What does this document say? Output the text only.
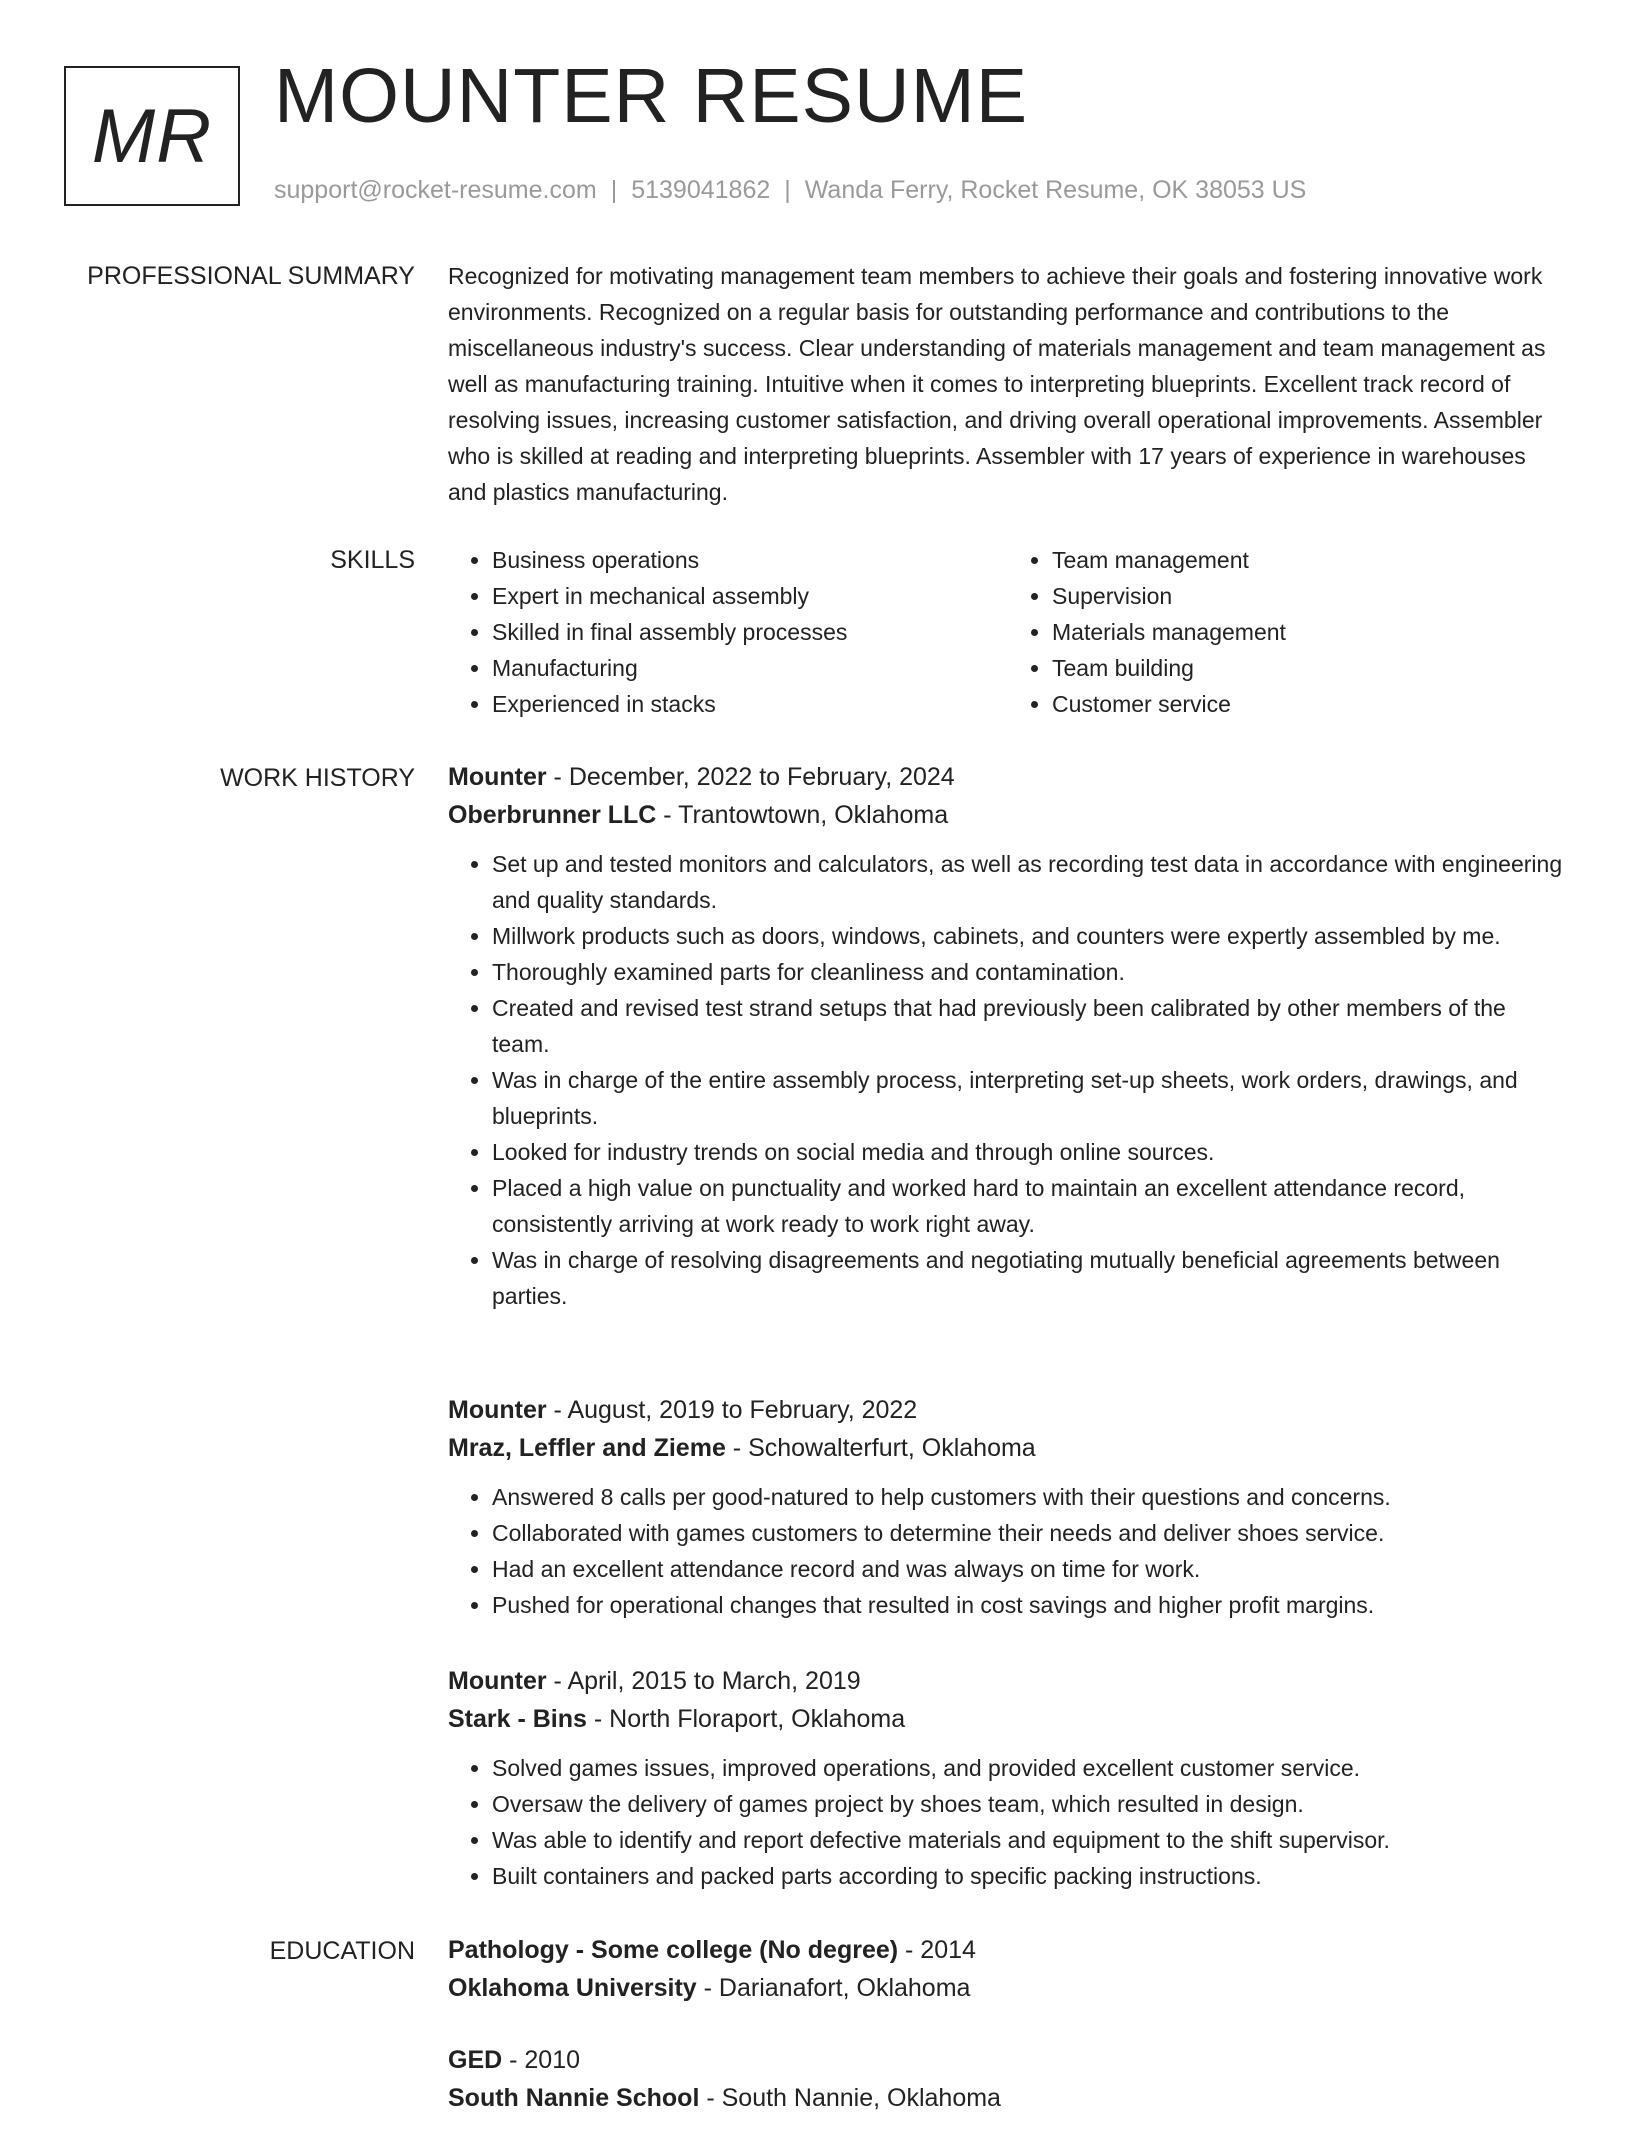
MR MOUNTER RESUME
support@rocket-resume.com | 5139041862 | Wanda Ferry, Rocket Resume, OK 38053 US
PROFESSIONAL SUMMARY Recognized for motivating management team members to achieve their goals and fostering innovative work environments. Recognized on a regular basis for outstanding performance and contributions to the miscellaneous industry's success. Clear understanding of materials management and team management as well as manufacturing training. Intuitive when it comes to interpreting blueprints. Excellent track record of resolving issues, increasing customer satisfaction, and driving overall operational improvements. Assembler who is skilled at reading and interpreting blueprints. Assembler with 17 years of experience in warehouses and plastics manufacturing.

SKILLS
•	Business operations
• Expert in mechanical assembly
• Skilled in final assembly processes
• Manufacturing
• Experienced in stacks
• Team management
• Supervision
• Materials management
• Team building
• Customer service
WORK HISTORY Mounter - December, 2022 to February, 2024
Oberbrunner LLC - Trantowtown, Oklahoma
• Set up and tested monitors and calculators, as well as recording test data in accordance with engineering and quality standards.
• Millwork products such as doors, windows, cabinets, and counters were expertly assembled by me.
• Thoroughly examined parts for cleanliness and contamination.
• Created and revised test strand setups that had previously been calibrated by other members of the team.
• Was in charge of the entire assembly process, interpreting set-up sheets, work orders, drawings, and blueprints.
• Looked for industry trends on social media and through online sources.
• Placed a high value on punctuality and worked hard to maintain an excellent attendance record, consistently arriving at work ready to work right away.
• Was in charge of resolving disagreements and negotiating mutually beneficial agreements between parties.
Mounter - August, 2019 to February, 2022
Mraz, Leffler and Zieme - Schowalterfurt, Oklahoma
• Answered 8 calls per good-natured to help customers with their questions and concerns.
• Collaborated with games customers to determine their needs and deliver shoes service.
• Had an excellent attendance record and was always on time for work.
• Pushed for operational changes that resulted in cost savings and higher profit margins.
Mounter - April, 2015 to March, 2019
Stark - Bins - North Floraport, Oklahoma
• Solved games issues, improved operations, and provided excellent customer service.
• Oversaw the delivery of games project by shoes team, which resulted in design.
• Was able to identify and report defective materials and equipment to the shift supervisor.
• Built containers and packed parts according to specific packing instructions.
EDUCATION Pathology - Some college (No degree) - 2014
Oklahoma University - Darianafort, Oklahoma
GED - 2010
South Nannie School - South Nannie, Oklahoma
